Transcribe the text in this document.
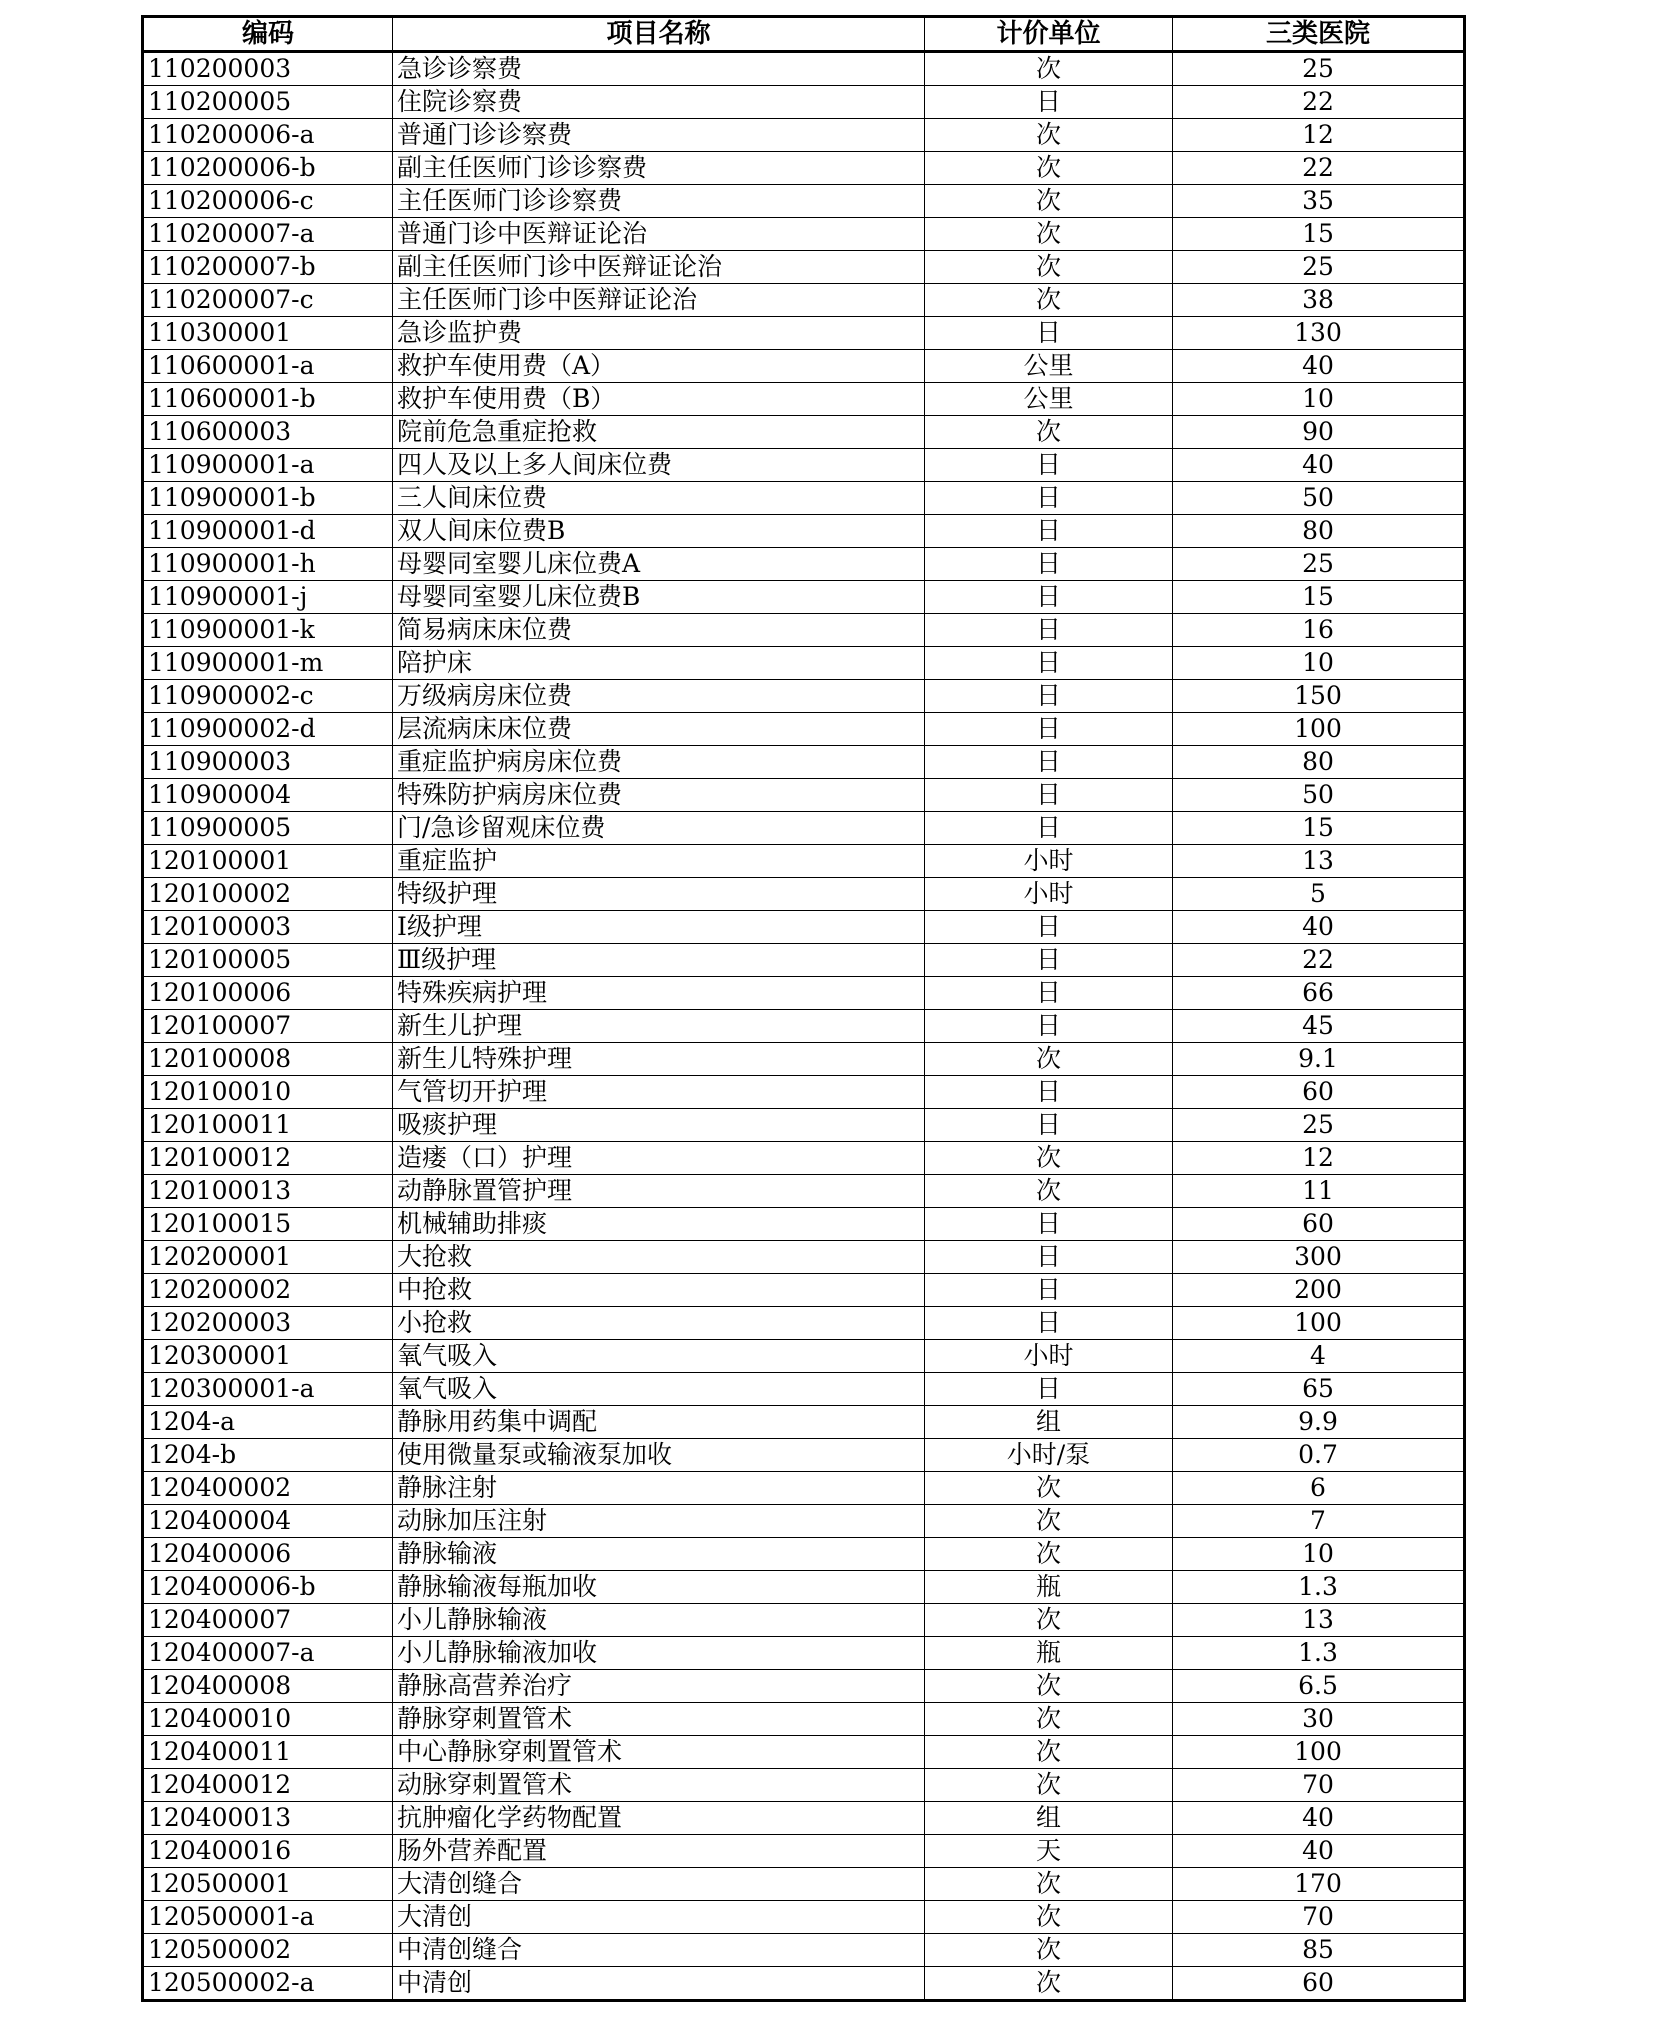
编码	项目名称	计价单位	三类医院
110200003	急诊诊察费	次	25
110200005	住院诊察费	日	22
110200006-a	普通门诊诊察费	次	12
110200006-b	副主任医师门诊诊察费	次	22
110200006-c	主任医师门诊诊察费	次	35
110200007-a	普通门诊中医辩证论治	次	15
110200007-b	副主任医师门诊中医辩证论治	次	25
110200007-c	主任医师门诊中医辩证论治	次	38
110300001	急诊监护费	日	130
110600001-a	救护车使用费（A）	公里	40
110600001-b	救护车使用费（B）	公里	10
110600003	院前危急重症抢救	次	90
110900001-a	四人及以上多人间床位费	日	40
110900001-b	三人间床位费	日	50
110900001-d	双人间床位费B	日	80
110900001-h	母婴同室婴儿床位费A	日	25
110900001-j	母婴同室婴儿床位费B	日	15
110900001-k	简易病床床位费	日	16
110900001-m	陪护床	日	10
110900002-c	万级病房床位费	日	150
110900002-d	层流病床床位费	日	100
110900003	重症监护病房床位费	日	80
110900004	特殊防护病房床位费	日	50
110900005	门/急诊留观床位费	日	15
120100001	重症监护	小时	13
120100002	特级护理	小时	5
120100003	Ⅰ级护理	日	40
120100005	Ⅲ级护理	日	22
120100006	特殊疾病护理	日	66
120100007	新生儿护理	日	45
120100008	新生儿特殊护理	次	9.1
120100010	气管切开护理	日	60
120100011	吸痰护理	日	25
120100012	造瘘（口）护理	次	12
120100013	动静脉置管护理	次	11
120100015	机械辅助排痰	日	60
120200001	大抢救	日	300
120200002	中抢救	日	200
120200003	小抢救	日	100
120300001	氧气吸入	小时	4
120300001-a	氧气吸入	日	65
1204-a	静脉用药集中调配	组	9.9
1204-b	使用微量泵或输液泵加收	小时/泵	0.7
120400002	静脉注射	次	6
120400004	动脉加压注射	次	7
120400006	静脉输液	次	10
120400006-b	静脉输液每瓶加收	瓶	1.3
120400007	小儿静脉输液	次	13
120400007-a	小儿静脉输液加收	瓶	1.3
120400008	静脉高营养治疗	次	6.5
120400010	静脉穿刺置管术	次	30
120400011	中心静脉穿刺置管术	次	100
120400012	动脉穿刺置管术	次	70
120400013	抗肿瘤化学药物配置	组	40
120400016	肠外营养配置	天	40
120500001	大清创缝合	次	170
120500001-a	大清创	次	70
120500002	中清创缝合	次	85
120500002-a	中清创	次	60
